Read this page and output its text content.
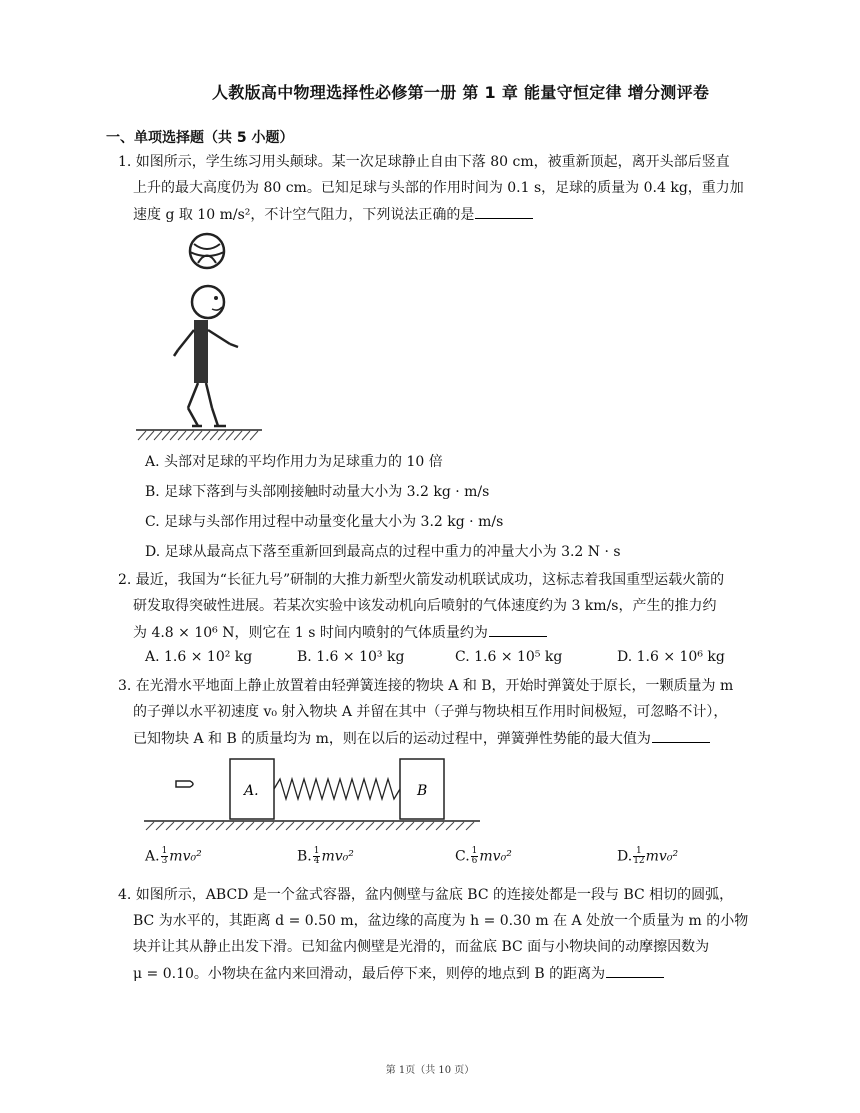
人教版高中物理选择性必修第一册 第 1 章 能量守恒定律 增分测评卷
一、单项选择题（共 5 小题）
1. 如图所示，学生练习用头颠球。某一次足球静止自由下落 80 cm，被重新顶起，离开头部后竖直
上升的最大高度仍为 80 cm。已知足球与头部的作用时间为 0.1 s，足球的质量为 0.4 kg，重力加
速度 g 取 10 m/s²，不计空气阻力，下列说法正确的是
A. 头部对足球的平均作用力为足球重力的 10 倍
B. 足球下落到与头部刚接触时动量大小为 3.2 kg · m/s
C. 足球与头部作用过程中动量变化量大小为 3.2 kg · m/s
D. 足球从最高点下落至重新回到最高点的过程中重力的冲量大小为 3.2 N · s
2. 最近，我国为“长征九号”研制的大推力新型火箭发动机联试成功，这标志着我国重型运载火箭的
研发取得突破性进展。若某次实验中该发动机向后喷射的气体速度约为 3 km/s，产生的推力约
为 4.8 × 10⁶ N，则它在 1 s 时间内喷射的气体质量约为
A. 1.6 × 10² kg	B. 1.6 × 10³ kg	C. 1.6 × 10⁵ kg	D. 1.6 × 10⁶ kg
3. 在光滑水平地面上静止放置着由轻弹簧连接的物块 A 和 B，开始时弹簧处于原长，一颗质量为 m
的子弹以水平初速度 v₀ 射入物块 A 并留在其中（子弹与物块相互作用时间极短，可忽略不计），
已知物块 A 和 B 的质量均为 m，则在以后的运动过程中，弹簧弹性势能的最大值为
A.	B
A. $\frac{1}{3} mv_0^2$	B. $\frac{1}{4} mv_0^2$	C. $\frac{1}{6} mv_0^2$	D. $\frac{1}{12} mv_0^2$
4. 如图所示，ABCD 是一个盆式容器，盆内侧壁与盆底 BC 的连接处都是一段与 BC 相切的圆弧，
BC 为水平的，其距离 d = 0.50 m，盆边缘的高度为 h = 0.30 m 在 A 处放一个质量为 m 的小物
块并让其从静止出发下滑。已知盆内侧壁是光滑的，而盆底 BC 面与小物块间的动摩擦因数为
μ = 0.10。小物块在盆内来回滑动，最后停下来，则停的地点到 B 的距离为
第 1页（共 10 页）
